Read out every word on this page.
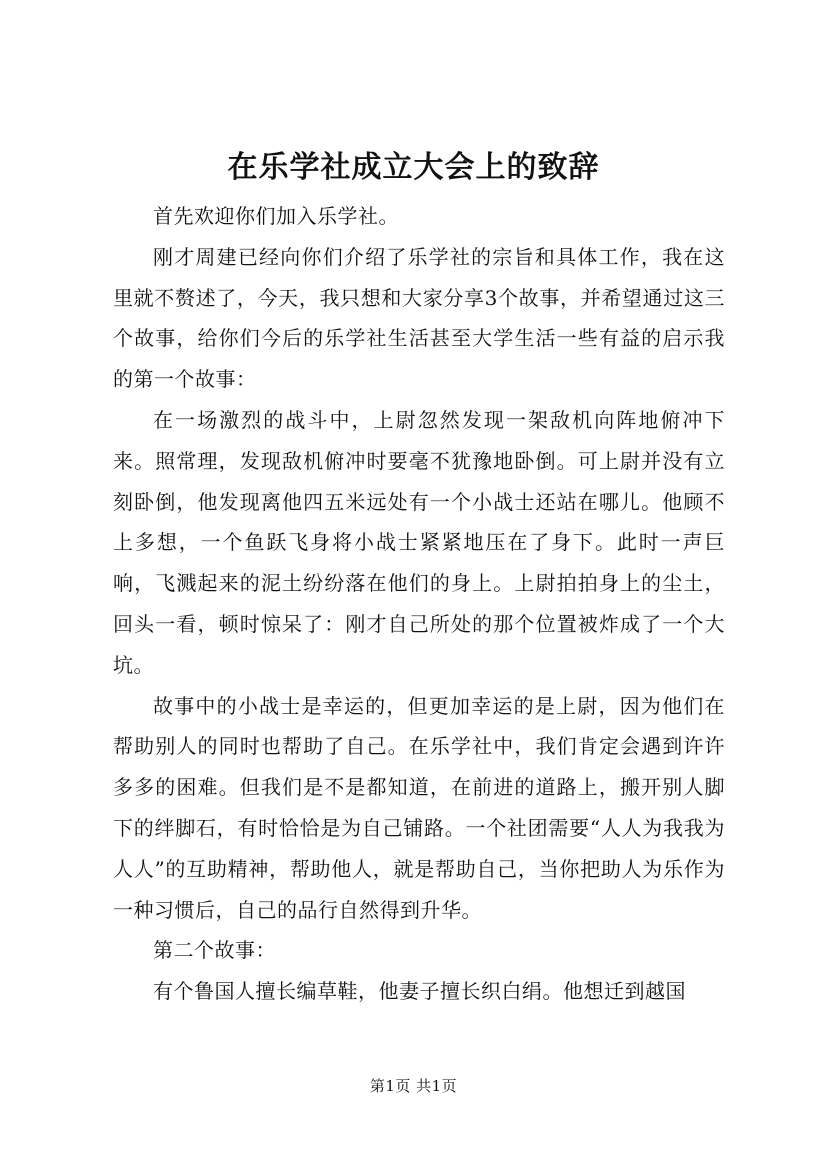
在乐学社成立大会上的致辞

首先欢迎你们加入乐学社。

刚才周建已经向你们介绍了乐学社的宗旨和具体工作，我在这里就不赘述了，今天，我只想和大家分享3个故事，并希望通过这三个故事，给你们今后的乐学社生活甚至大学生活一些有益的启示我的第一个故事：

在一场激烈的战斗中，上尉忽然发现一架敌机向阵地俯冲下来。照常理，发现敌机俯冲时要毫不犹豫地卧倒。可上尉并没有立刻卧倒，他发现离他四五米远处有一个小战士还站在哪儿。他顾不上多想，一个鱼跃飞身将小战士紧紧地压在了身下。此时一声巨响，飞溅起来的泥土纷纷落在他们的身上。上尉拍拍身上的尘土，回头一看，顿时惊呆了：刚才自己所处的那个位置被炸成了一个大坑。

故事中的小战士是幸运的，但更加幸运的是上尉，因为他们在帮助别人的同时也帮助了自己。在乐学社中，我们肯定会遇到许许多多的困难。但我们是不是都知道，在前进的道路上，搬开别人脚下的绊脚石，有时恰恰是为自己铺路。一个社团需要“人人为我我为人人”的互助精神，帮助他人，就是帮助自己，当你把助人为乐作为一种习惯后，自己的品行自然得到升华。

第二个故事：

有个鲁国人擅长编草鞋，他妻子擅长织白绢。他想迁到越国

第1页 共1页
